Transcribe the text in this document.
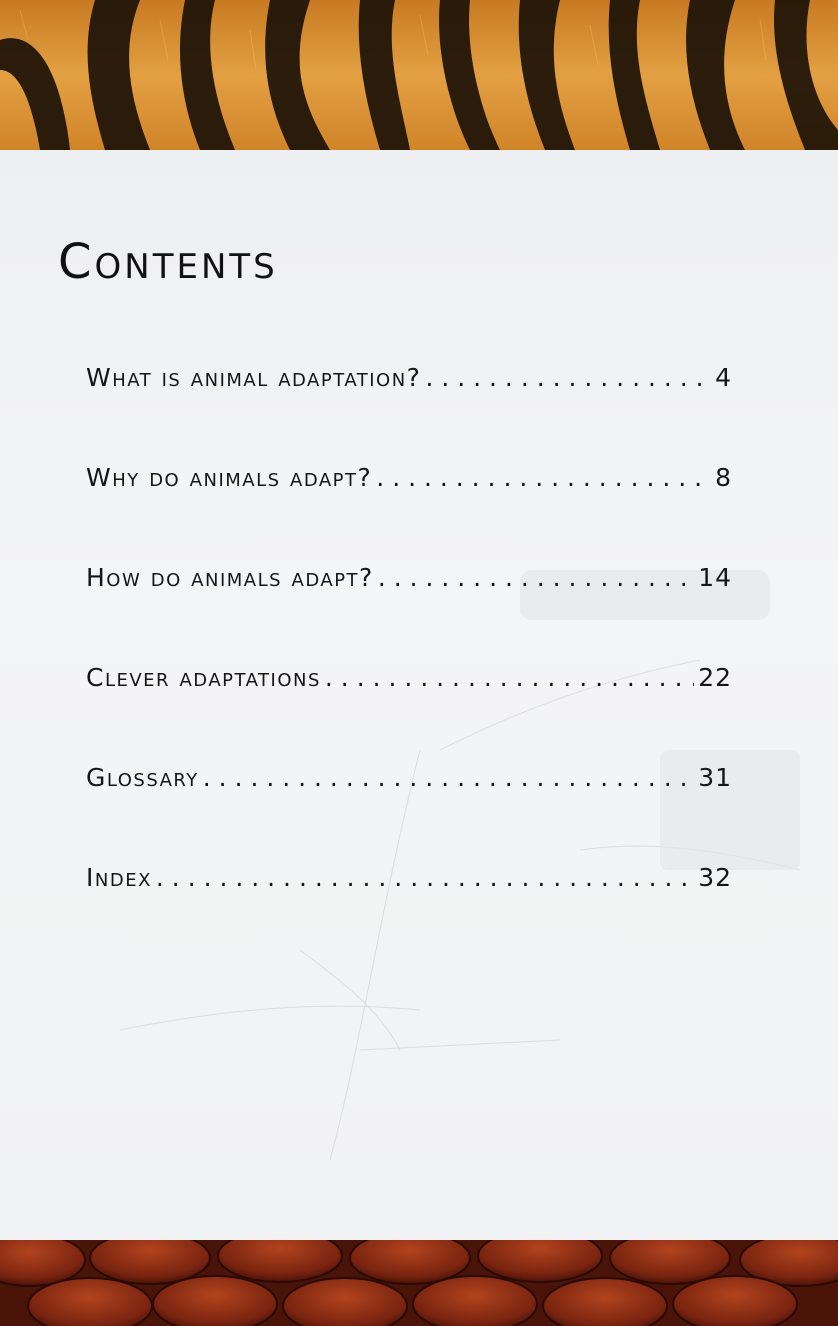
Contents
What is animal adaptation? . . .	4
Why do animals adapt? . . .	8
How do animals adapt? . . .	14
Clever adaptations . . .	22
Glossary . . .	31
Index . . .	32
